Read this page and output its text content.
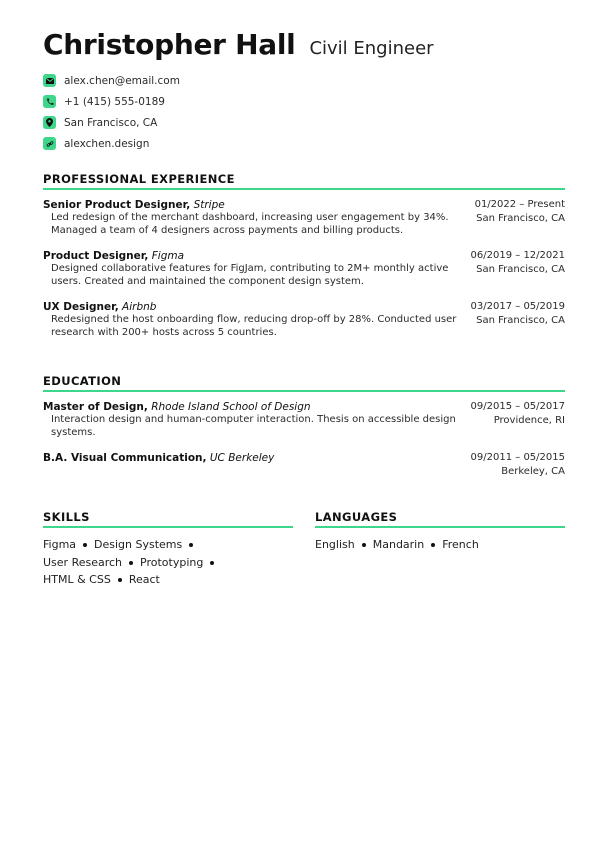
Christopher Hall Civil Engineer
alex.chen@email.com
+1 (415) 555-0189
San Francisco, CA
alexchen.design
PROFESSIONAL EXPERIENCE
Senior Product Designer, Stripe
Led redesign of the merchant dashboard, increasing user engagement by 34%. Managed a team of 4 designers across payments and billing products.
01/2022 – Present
San Francisco, CA
Product Designer, Figma
Designed collaborative features for FigJam, contributing to 2M+ monthly active users. Created and maintained the component design system.
06/2019 – 12/2021
San Francisco, CA
UX Designer, Airbnb
Redesigned the host onboarding flow, reducing drop-off by 28%. Conducted user research with 200+ hosts across 5 countries.
03/2017 – 05/2019
San Francisco, CA
EDUCATION
Master of Design, Rhode Island School of Design
Interaction design and human-computer interaction. Thesis on accessible design systems.
09/2015 – 05/2017
Providence, RI
B.A. Visual Communication, UC Berkeley	09/2011 – 05/2015
Berkeley, CA
SKILLS
Figma Design Systems
User Research Prototyping
HTML & CSS React
LANGUAGES
English Mandarin French
